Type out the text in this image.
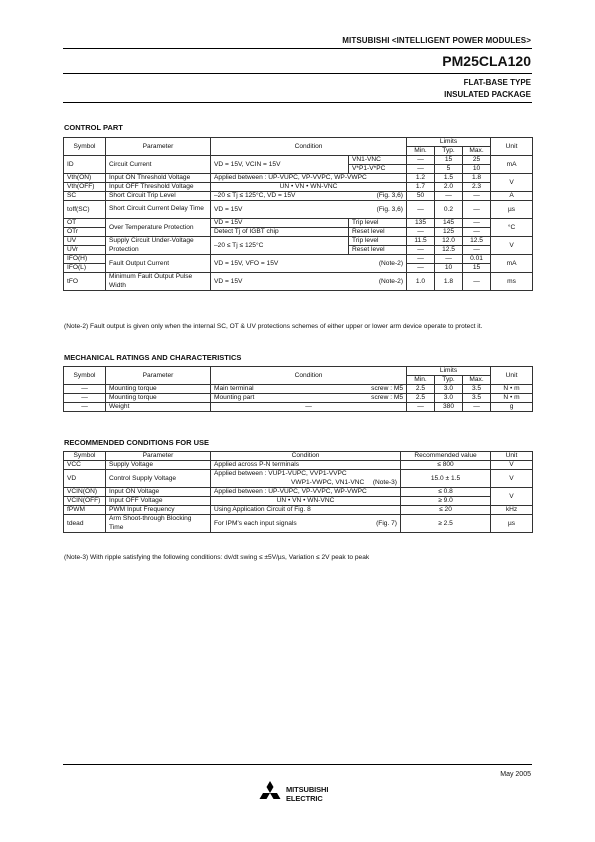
MITSUBISHI <INTELLIGENT POWER MODULES>
PM25CLA120
FLAT-BASE TYPE
INSULATED PACKAGE
CONTROL PART
Symbol	Parameter	Condition		Limits			Unit
				Min.	Typ.	Max.	
ID	Circuit Current	VD = 15V, VCIN = 15V	VN1-VNC	—	15	25	mA
			V*P1-V*PC	—	5	10	
Vth(ON)	Input ON Threshold Voltage	Applied between : UP-VUPC, VP-VVPC, WP-VWPC		1.2	1.5	1.8	V
Vth(OFF)	Input OFF Threshold Voltage	UN • VN • WN-VNC		1.7	2.0	2.3	
SC	Short Circuit Trip Level	–20 ≤ Tj ≤ 125°C, VD = 15V	(Fig. 3,6)	50	—	—	A
toff(SC)	Short Circuit Current Delay Time	VD = 15V	(Fig. 3,6)	—	0.2	—	µs
OT	Over Temperature Protection	VD = 15V	Trip level	135	145	—	°C
OTr		Detect Tj of IGBT chip	Reset level	—	125	—	
UV	Supply Circuit Under-Voltage Protection	–20 ≤ Tj ≤ 125°C	Trip level	11.5	12.0	12.5	V
UVr			Reset level	—	12.5	—	
IFO(H)	Fault Output Current	VD = 15V, VFO = 15V	(Note-2)	—	—	0.01	mA
IFO(L)				—	10	15	
tFO	Minimum Fault Output Pulse Width	VD = 15V	(Note-2)	1.0	1.8	—	ms
(Note-2) Fault output is given only when the internal SC, OT & UV protections schemes of either upper or lower arm device operate to protect it.
MECHANICAL RATINGS AND CHARACTERISTICS
Symbol	Parameter	Condition		Limits			Unit
				Min.	Typ.	Max.	
—	Mounting torque	Main terminal	screw : M5	2.5	3.0	3.5	N • m
—	Mounting torque	Mounting part	screw : M5	2.5	3.0	3.5	N • m
—	Weight	—		—	380	—	g
RECOMMENDED CONDITIONS FOR USE
Symbol	Parameter	Condition	Recommended value	Unit
VCC	Supply Voltage	Applied across P-N terminals	≤ 800	V
VD	Control Supply Voltage	Applied between : VUP1-VUPC, VVP1-VVPC
VWP1-VWPC, VN1-VNC (Note-3)	15.0 ± 1.5	V
VCIN(ON)	Input ON Voltage	Applied between : UP-VUPC, VP-VVPC, WP-VWPC	≤ 0.8	V
VCIN(OFF)	Input OFF Voltage	UN • VN • WN-VNC	≥ 9.0	
fPWM	PWM Input Frequency	Using Application Circuit of Fig. 8	≤ 20	kHz
tdead	Arm Shoot-through Blocking Time	For IPM's each input signals (Fig. 7)	≥ 2.5	µs
(Note-3) With ripple satisfying the following conditions: dv/dt swing ≤ ±5V/µs, Variation ≤ 2V peak to peak
May 2005
MITSUBISHI
ELECTRIC
